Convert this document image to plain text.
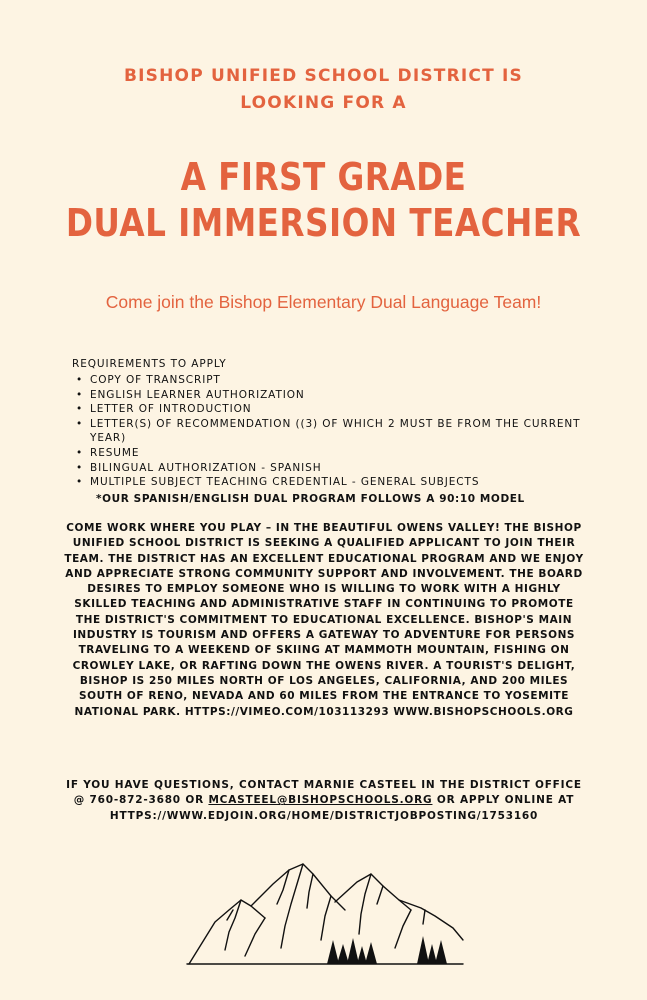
BISHOP UNIFIED SCHOOL DISTRICT IS
LOOKING FOR A
A FIRST GRADE
DUAL IMMERSION TEACHER
Come join the Bishop Elementary Dual Language Team!
REQUIREMENTS TO APPLY
• COPY OF TRANSCRIPT
• ENGLISH LEARNER AUTHORIZATION
• LETTER OF INTRODUCTION
• LETTER(S) OF RECOMMENDATION ((3) OF WHICH 2 MUST BE FROM THE CURRENT YEAR)
• RESUME
• BILINGUAL AUTHORIZATION - SPANISH
• MULTIPLE SUBJECT TEACHING CREDENTIAL - GENERAL SUBJECTS
*OUR SPANISH/ENGLISH DUAL PROGRAM FOLLOWS A 90:10 MODEL
COME WORK WHERE YOU PLAY – IN THE BEAUTIFUL OWENS VALLEY! THE BISHOP UNIFIED SCHOOL DISTRICT IS SEEKING A QUALIFIED APPLICANT TO JOIN THEIR TEAM. THE DISTRICT HAS AN EXCELLENT EDUCATIONAL PROGRAM AND WE ENJOY AND APPRECIATE STRONG COMMUNITY SUPPORT AND INVOLVEMENT. THE BOARD DESIRES TO EMPLOY SOMEONE WHO IS WILLING TO WORK WITH A HIGHLY SKILLED TEACHING AND ADMINISTRATIVE STAFF IN CONTINUING TO PROMOTE THE DISTRICT'S COMMITMENT TO EDUCATIONAL EXCELLENCE. BISHOP'S MAIN INDUSTRY IS TOURISM AND OFFERS A GATEWAY TO ADVENTURE FOR PERSONS TRAVELING TO A WEEKEND OF SKIING AT MAMMOTH MOUNTAIN, FISHING ON CROWLEY LAKE, OR RAFTING DOWN THE OWENS RIVER. A TOURIST'S DELIGHT, BISHOP IS 250 MILES NORTH OF LOS ANGELES, CALIFORNIA, AND 200 MILES SOUTH OF RENO, NEVADA AND 60 MILES FROM THE ENTRANCE TO YOSEMITE NATIONAL PARK. HTTPS://VIMEO.COM/103113293 WWW.BISHOPSCHOOLS.ORG
IF YOU HAVE QUESTIONS, CONTACT MARNIE CASTEEL IN THE DISTRICT OFFICE
@ 760-872-3680 OR MCASTEEL@BISHOPSCHOOLS.ORG OR APPLY ONLINE AT
HTTPS://WWW.EDJOIN.ORG/HOME/DISTRICTJOBPOSTING/1753160
